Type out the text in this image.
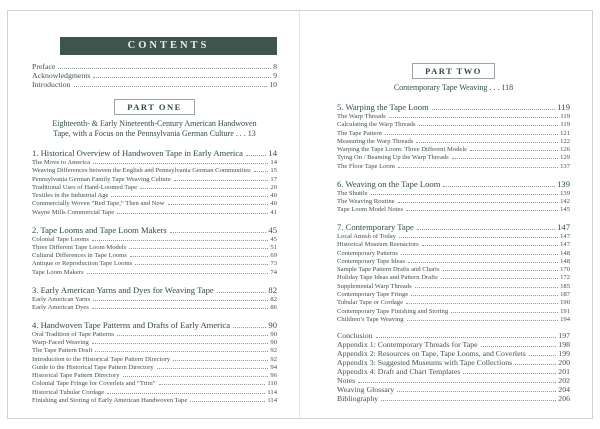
CONTENTS
Preface	8
Acknowledgments	9
Introduction	10
PART ONE
Eighteenth- & Early Nineteenth-Century American Handwoven
Tape, with a Focus on the Pennsylvania German Culture . . . 13
1. Historical Overview of Handwoven Tape in Early America	14
The Move to America	14
Weaving Differences between the English and Pennsylvania German Communities	15
Pennsylvania German Family Tape Weaving Culture	17
Traditional Uses of Hand-Loomed Tape	20
Textiles in the Industrial Age	40
Commercially Woven “Red Tape,” Then and Now	40
Wayne Mills Commercial Tape	41
2. Tape Looms and Tape Loom Makers	45
Colonial Tape Looms	45
Three Different Tape Loom Models	51
Cultural Differences in Tape Looms	69
Antique or Reproduction Tape Looms	73
Tape Loom Makers	74
3. Early American Yarns and Dyes for Weaving Tape	82
Early American Yarns	82
Early American Dyes	86
4. Handwoven Tape Patterns and Drafts of Early America	90
Oral Tradition of Tape Patterns	90
Warp-Faced Weaving	90
The Tape Pattern Draft	92
Introduction to the Historical Tape Pattern Directory	92
Guide to the Historical Tape Pattern Directory	94
Historical Tape Pattern Directory	96
Colonial Tape Fringe for Coverlets and “Trim”	110
Historical Tubular Cordage	114
Finishing and Storing of Early American Handwoven Tape	114
PART TWO
Contemporary Tape Weaving . . . 118
5. Warping the Tape Loom	119
The Warp Threads	119
Calculating the Warp Threads	119
The Tape Pattern	121
Measuring the Warp Threads	122
Warping the Tape Loom: Three Different Models	126
Tying On / Beaming Up the Warp Threads	129
The Floor Tape Loom	137
6. Weaving on the Tape Loom	139
The Shuttle	139
The Weaving Routine	142
Tape Loom Model Notes	145
7. Contemporary Tape	147
Local Amish of Today	147
Historical Museum Reenactors	147
Contemporary Patterns	148
Contemporary Tape Ideas	148
Sample Tape Pattern Drafts and Charts	170
Holiday Tape Ideas and Pattern Drafts	172
Supplemental Warp Threads	185
Contemporary Tape Fringe	187
Tubular Tape or Cordage	190
Contemporary Tape Finishing and Storing	191
Children’s Tape Weaving	194
Conclusion	197
Appendix 1: Contemporary Threads for Tape	198
Appendix 2: Resources on Tape, Tape Looms, and Coverlets	199
Appendix 3: Suggested Museums with Tape Collections	200
Appendix 4: Draft and Chart Templates	201
Notes	202
Weaving Glossary	204
Bibliography	206
